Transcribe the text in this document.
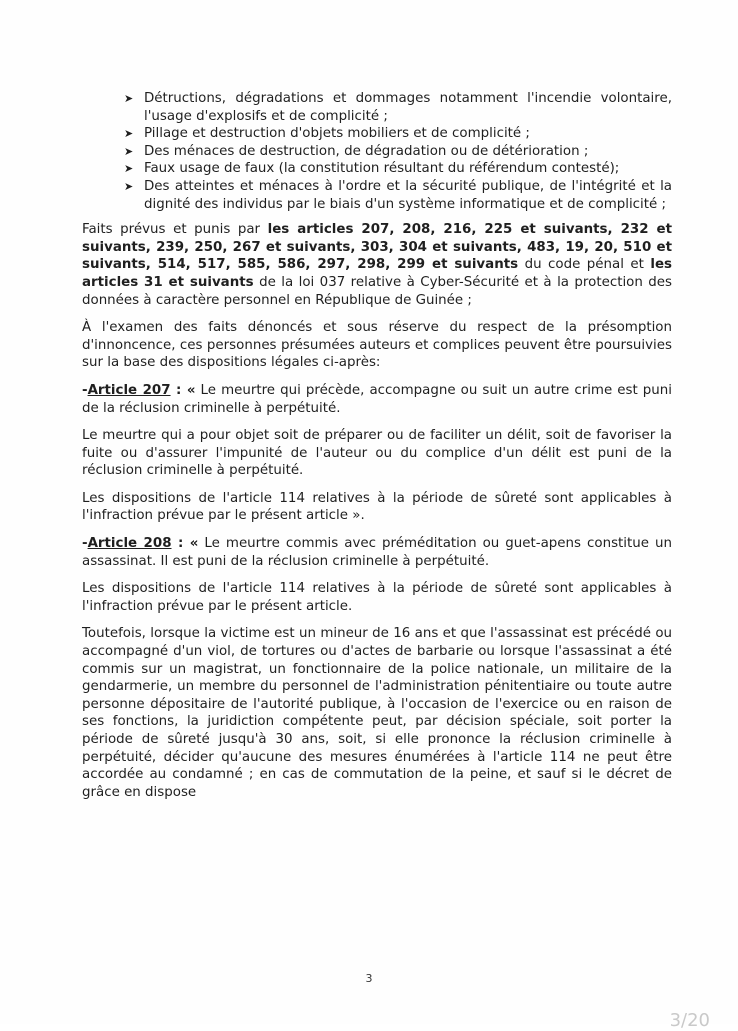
➤ Détructions, dégradations et dommages notamment l'incendie volontaire, l'usage d'explosifs et de complicité ;
➤ Pillage et destruction d'objets mobiliers et de complicité ;
➤ Des ménaces de destruction, de dégradation ou de détérioration ;
➤ Faux usage de faux (la constitution résultant du référendum contesté);
➤ Des atteintes et ménaces à l'ordre et la sécurité publique, de l'intégrité et la dignité des individus par le biais d'un système informatique et de complicité ;

Faits prévus et punis par les articles 207, 208, 216, 225 et suivants, 232 et suivants, 239, 250, 267 et suivants, 303, 304 et suivants, 483, 19, 20, 510 et suivants, 514, 517, 585, 586, 297, 298, 299 et suivants du code pénal et les articles 31 et suivants de la loi 037 relative à Cyber-Sécurité et à la protection des données à caractère personnel en République de Guinée ;

À l'examen des faits dénoncés et sous réserve du respect de la présomption d'innoncence, ces personnes présumées auteurs et complices peuvent être poursuivies sur la base des dispositions légales ci-après:

-Article 207 : « Le meurtre qui précède, accompagne ou suit un autre crime est puni de la réclusion criminelle à perpétuité.

Le meurtre qui a pour objet soit de préparer ou de faciliter un délit, soit de favoriser la fuite ou d'assurer l'impunité de l'auteur ou du complice d'un délit est puni de la réclusion criminelle à perpétuité.

Les dispositions de l'article 114 relatives à la période de sûreté sont applicables à l'infraction prévue par le présent article ».

-Article 208 : « Le meurtre commis avec préméditation ou guet-apens constitue un assassinat. Il est puni de la réclusion criminelle à perpétuité.

Les dispositions de l'article 114 relatives à la période de sûreté sont applicables à l'infraction prévue par le présent article.

Toutefois, lorsque la victime est un mineur de 16 ans et que l'assassinat est précédé ou accompagné d'un viol, de tortures ou d'actes de barbarie ou lorsque l'assassinat a été commis sur un magistrat, un fonctionnaire de la police nationale, un militaire de la gendarmerie, un membre du personnel de l'administration pénitentiaire ou toute autre personne dépositaire de l'autorité publique, à l'occasion de l'exercice ou en raison de ses fonctions, la juridiction compétente peut, par décision spéciale, soit porter la période de sûreté jusqu'à 30 ans, soit, si elle prononce la réclusion criminelle à perpétuité, décider qu'aucune des mesures énumérées à l'article 114 ne peut être accordée au condamné ; en cas de commutation de la peine, et sauf si le décret de grâce en dispose

3
3/20
